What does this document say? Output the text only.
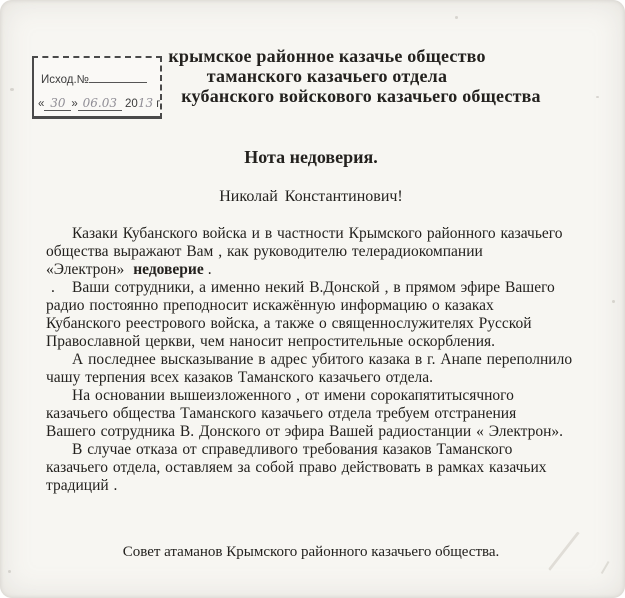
Исход.№
« 30 » 06.03 2013 г.
крымское районное казачье общество
таманского казачьего отдела
кубанского войскового казачьего общества
Нота недоверия.
Николай Константинович!
Казаки Кубанского войска и в частности Крымского районного казачьего
общества выражают Вам , как руководителю телерадиокомпании
«Электрон» недоверие .
. Ваши сотрудники, а именно некий В.Донской , в прямом эфире Вашего
радио постоянно преподносит искажённую информацию о казаках
Кубанского реестрового войска, а также о священнослужителях Русской
Православной церкви, чем наносит непростительные оскорбления.
А последнее высказывание в адрес убитого казака в г. Анапе переполнило
чашу терпения всех казаков Таманского казачьего отдела.
На основании вышеизложенного , от имени сорокапятитысячного
казачьего общества Таманского казачьего отдела требуем отстранения
Вашего сотрудника В. Донского от эфира Вашей радиостанции « Электрон».
В случае отказа от справедливого требования казаков Таманского
казачьего отдела, оставляем за собой право действовать в рамках казачьих
традиций .
Совет атаманов Крымского районного казачьего общества.
